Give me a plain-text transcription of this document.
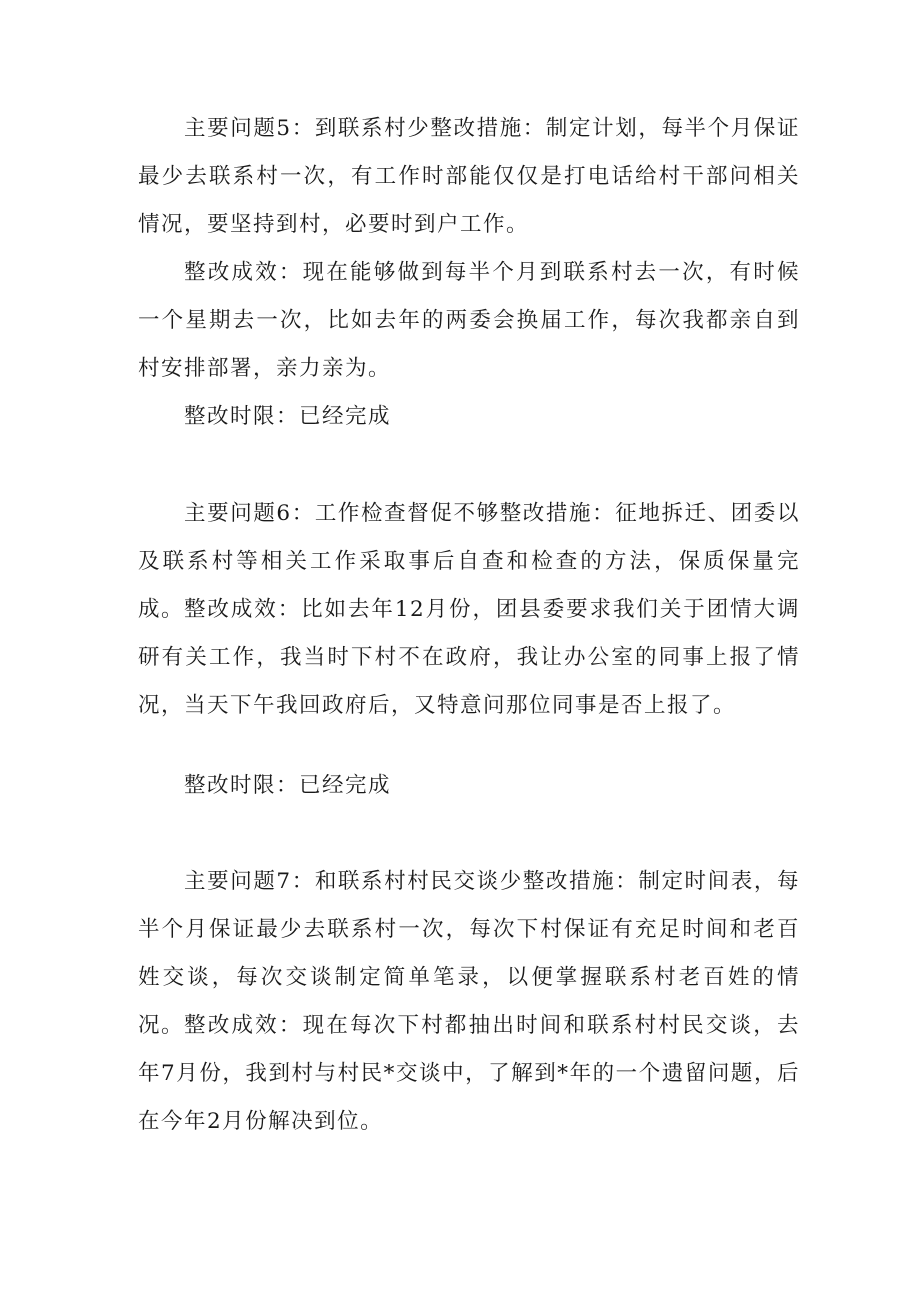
主要问题5：到联系村少整改措施：制定计划，每半个月保证最少去联系村一次，有工作时部能仅仅是打电话给村干部问相关情况，要坚持到村，必要时到户工作。

整改成效：现在能够做到每半个月到联系村去一次，有时候一个星期去一次，比如去年的两委会换届工作，每次我都亲自到村安排部署，亲力亲为。

整改时限：已经完成

主要问题6：工作检查督促不够整改措施：征地拆迁、团委以及联系村等相关工作采取事后自查和检查的方法，保质保量完成。 整改成效：比如去年12月份，团县委要求我们关于团情大调研有关工作，我当时下村不在政府，我让办公室的同事上报了情况，当天下午我回政府后，又特意问那位同事是否上报了。

整改时限：已经完成

主要问题7：和联系村村民交谈少整改措施：制定时间表，每半个月保证最少去联系村一次，每次下村保证有充足时间和老百姓交谈，每次交谈制定简单笔录，以便掌握联系村老百姓的情况。 整改成效：现在每次下村都抽出时间和联系村村民交谈，去年7月份，我到村与村民*交谈中，了解到*年的一个遗留问题，后在今年2月份解决到位。
